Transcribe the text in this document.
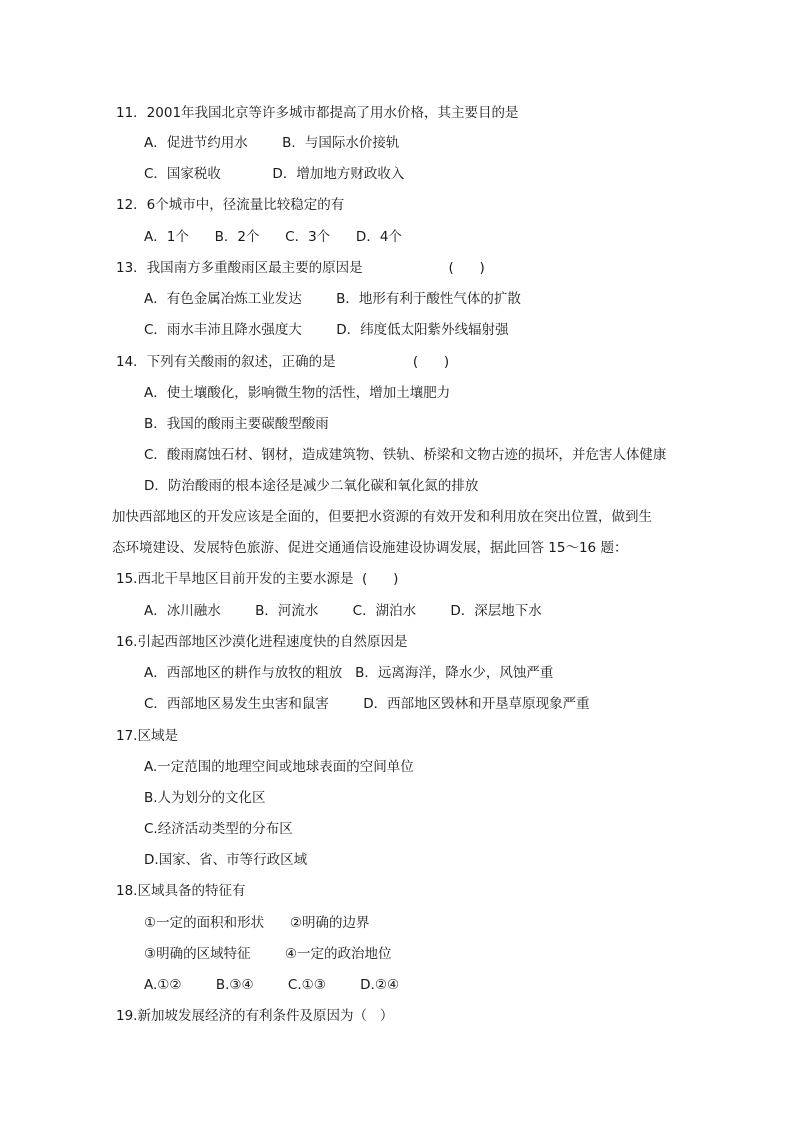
11．2001年我国北京等许多城市都提高了用水价格，其主要目的是
A．促进节约用水        B．与国际水价接轨
C．国家税收            D．增加地方财政收入
12．6个城市中，径流量比较稳定的有
A．1个      B．2个      C．3个      D．4个
13．我国南方多重酸雨区最主要的原因是                    (      )
A．有色金属冶炼工业发达        B．地形有利于酸性气体的扩散
C．雨水丰沛且降水强度大        D．纬度低太阳紫外线辐射强
14．下列有关酸雨的叙述，正确的是                  (      )
A．使土壤酸化，影响微生物的活性，增加土壤肥力
B．我国的酸雨主要碳酸型酸雨
C．酸雨腐蚀石材、钢材，造成建筑物、铁轨、桥梁和文物古迹的损坏，并危害人体健康
D．防治酸雨的根本途径是减少二氧化碳和氧化氮的排放
加快西部地区的开发应该是全面的，但要把水资源的有效开发和利用放在突出位置，做到生
态环境建设、发展特色旅游、促进交通通信设施建设协调发展，据此回答 15～16 题：
15.西北干旱地区目前开发的主要水源是  (      )
A．冰川融水        B．河流水        C．湖泊水        D．深层地下水
16.引起西部地区沙漠化进程速度快的自然原因是
A．西部地区的耕作与放牧的粗放   B．远离海洋，降水少，风蚀严重
C．西部地区易发生虫害和鼠害        D．西部地区毁林和开垦草原现象严重
17.区域是
A.一定范围的地理空间或地球表面的空间单位
B.人为划分的文化区
C.经济活动类型的分布区
D.国家、省、市等行政区域
18.区域具备的特征有
①一定的面积和形状      ②明确的边界
③明确的区域特征        ④一定的政治地位
A.①②        B.③④        C.①③        D.②④
19.新加坡发展经济的有利条件及原因为（   ）
